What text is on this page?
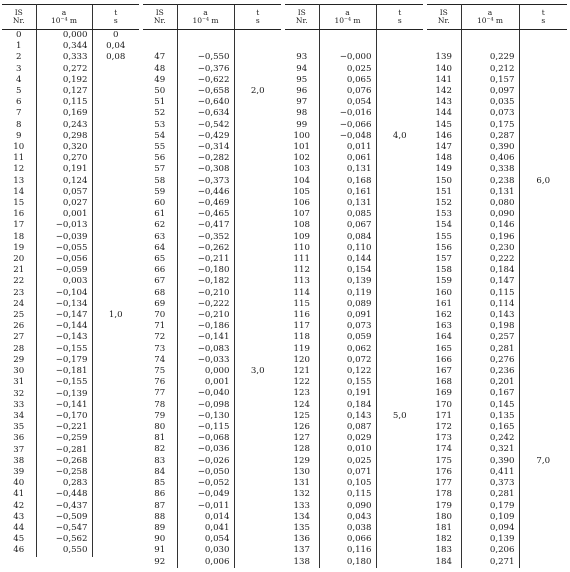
IS
Nr.	a
10⁻⁴ m	t
s

0	0,000	0
1	0,344	0,04
2	0,333	0,08
3	0,272	
4	0,192	
5	0,127	
6	0,115	
7	0,169	
8	0,243	
9	0,298	
10	0,320	
11	0,270	
12	0,191	
13	0,124	
14	0,057	
15	0,027	
16	0,001	
17	−0,013	
18	−0,039	
19	−0,055	
20	−0,056	
21	−0,059	
22	0,003	
23	−0,104	
24	−0,134	
25	−0,147	1,0
26	−0,144	
27	−0,143	
28	−0,155	
29	−0,179	
30	−0,181	
31	−0,155	
32	−0,139	
33	−0,141	
34	−0,170	
35	−0,221	
36	−0,259	
37	−0,281	
38	−0,268	
39	−0,258	
40	0,283	
41	−0,448	
42	−0,437	
43	−0,509	
44	−0,547	
45	−0,562	
46	0,550	
IS
Nr.	a
10⁻⁴ m	t
s

47	−0,550	
48	−0,376	
49	−0,622	
50	−0,658	2,0
51	−0,640	
52	−0,634	
53	−0,542	
54	−0,429	
55	−0,314	
56	−0,282	
57	−0,308	
58	−0,373	
59	−0,446	
60	−0,469	
61	−0,465	
62	−0,417	
63	−0,352	
64	−0,262	
65	−0,211	
66	−0,180	
67	−0,182	
68	−0,210	
69	−0,222	
70	−0,210	
71	−0,186	
72	−0,141	
73	−0,083	
74	−0,033	
75	0,000	3,0
76	0,001	
77	−0,040	
78	−0,098	
79	−0,130	
80	−0,115	
81	−0,068	
82	−0,036	
83	−0,026	
84	−0,050	
85	−0,052	
86	−0,049	
87	−0,011	
88	0,014	
89	0,041	
90	0,054	
91	0,030	
92	0,006	
IS
Nr.	a
10⁻⁴ m	t
s

93	−0,000	
94	0,025	
95	0,065	
96	0,076	
97	0,054	
98	−0,016	
99	−0,066	
100	−0,048	4,0
101	0,011	
102	0,061	
103	0,131	
104	0,168	
105	0,161	
106	0,131	
107	0,085	
108	0,067	
109	0,084	
110	0,110	
111	0,144	
112	0,154	
113	0,139	
114	0,119	
115	0,089	
116	0,091	
117	0,073	
118	0,059	
119	0,062	
120	0,072	
121	0,122	
122	0,155	
123	0,191	
124	0,184	
125	0,143	5,0
126	0,087	
127	0,029	
128	0,010	
129	0,025	
130	0,071	
131	0,105	
132	0,115	
133	0,090	
134	0,043	
135	0,038	
136	0,066	
137	0,116	
138	0,180	
IS
Nr.	a
10⁻⁴ m	t
s

139	0,229	
140	0,212	
141	0,157	
142	0,097	
143	0,035	
144	0,073	
145	0,175	
146	0,287	
147	0,390	
148	0,406	
149	0,338	
150	0,238	6,0
151	0,131	
152	0,080	
153	0,090	
154	0,146	
155	0,196	
156	0,230	
157	0,222	
158	0,184	
159	0,147	
160	0,115	
161	0,114	
162	0,143	
163	0,198	
164	0,257	
165	0,281	
166	0,276	
167	0,236	
168	0,201	
169	0,167	
170	0,145	
171	0,135	
172	0,165	
173	0,242	
174	0,321	
175	0,390	7,0
176	0,411	
177	0,373	
178	0,281	
179	0,179	
180	0,109	
181	0,094	
182	0,139	
183	0,206	
184	0,271	
